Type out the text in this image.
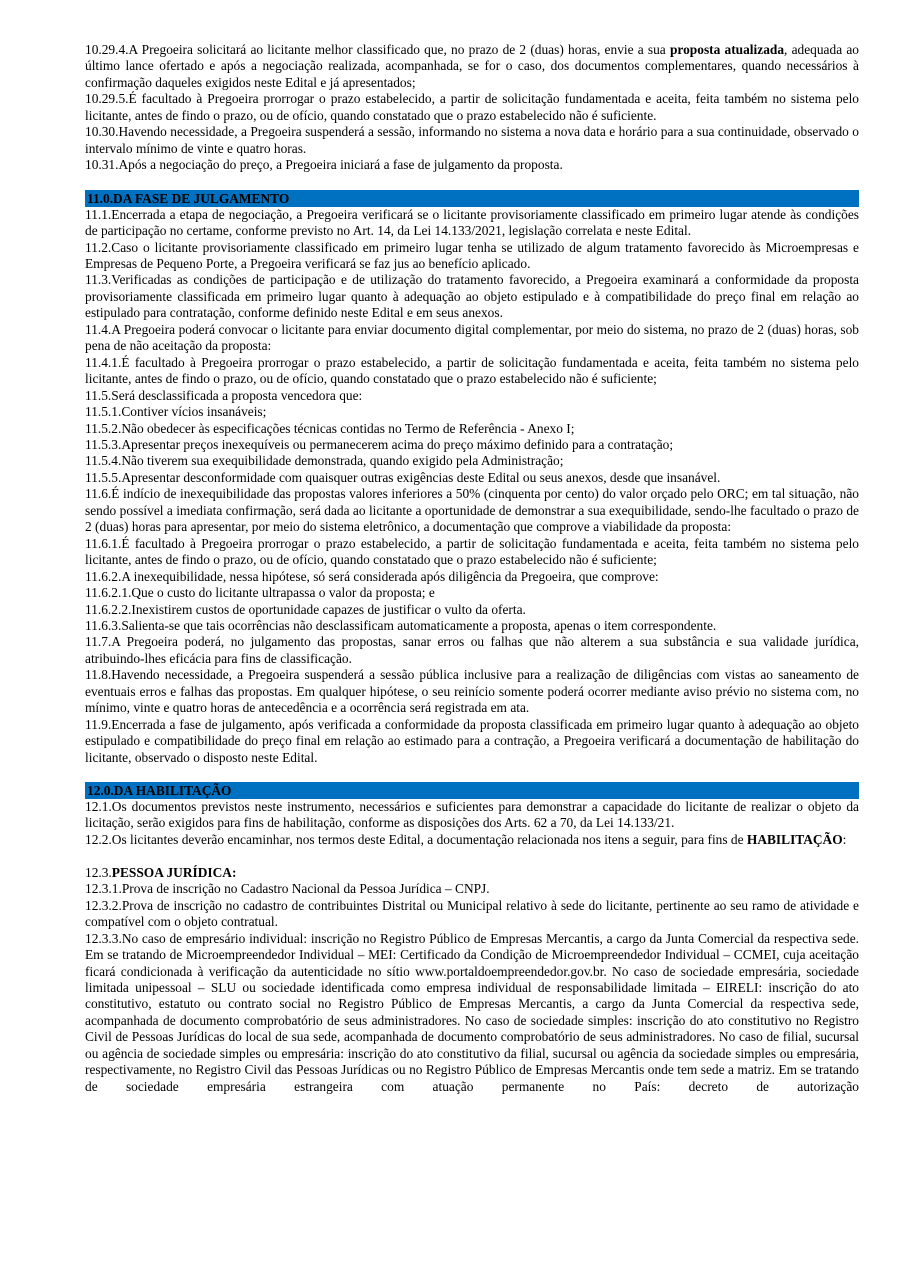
10.29.4.A Pregoeira solicitará ao licitante melhor classificado que, no prazo de 2 (duas) horas, envie a sua proposta atualizada, adequada ao último lance ofertado e após a negociação realizada, acompanhada, se for o caso, dos documentos complementares, quando necessários à confirmação daqueles exigidos neste Edital e já apresentados;
10.29.5.É facultado à Pregoeira prorrogar o prazo estabelecido, a partir de solicitação fundamentada e aceita, feita também no sistema pelo licitante, antes de findo o prazo, ou de ofício, quando constatado que o prazo estabelecido não é suficiente.
10.30.Havendo necessidade, a Pregoeira suspenderá a sessão, informando no sistema a nova data e horário para a sua continuidade, observado o intervalo mínimo de vinte e quatro horas.
10.31.Após a negociação do preço, a Pregoeira iniciará a fase de julgamento da proposta.
11.0.DA FASE DE JULGAMENTO
11.1.Encerrada a etapa de negociação, a Pregoeira verificará se o licitante provisoriamente classificado em primeiro lugar atende às condições de participação no certame, conforme previsto no Art. 14, da Lei 14.133/2021, legislação correlata e neste Edital.
11.2.Caso o licitante provisoriamente classificado em primeiro lugar tenha se utilizado de algum tratamento favorecido às Microempresas e Empresas de Pequeno Porte, a Pregoeira verificará se faz jus ao benefício aplicado.
11.3.Verificadas as condições de participação e de utilização do tratamento favorecido, a Pregoeira examinará a conformidade da proposta provisoriamente classificada em primeiro lugar quanto à adequação ao objeto estipulado e à compatibilidade do preço final em relação ao estipulado para contratação, conforme definido neste Edital e em seus anexos.
11.4.A Pregoeira poderá convocar o licitante para enviar documento digital complementar, por meio do sistema, no prazo de 2 (duas) horas, sob pena de não aceitação da proposta:
11.4.1.É facultado à Pregoeira prorrogar o prazo estabelecido, a partir de solicitação fundamentada e aceita, feita também no sistema pelo licitante, antes de findo o prazo, ou de ofício, quando constatado que o prazo estabelecido não é suficiente;
11.5.Será desclassificada a proposta vencedora que:
11.5.1.Contiver vícios insanáveis;
11.5.2.Não obedecer às especificações técnicas contidas no Termo de Referência - Anexo I;
11.5.3.Apresentar preços inexequíveis ou permanecerem acima do preço máximo definido para a contratação;
11.5.4.Não tiverem sua exequibilidade demonstrada, quando exigido pela Administração;
11.5.5.Apresentar desconformidade com quaisquer outras exigências deste Edital ou seus anexos, desde que insanável.
11.6.É indício de inexequibilidade das propostas valores inferiores a 50% (cinquenta por cento) do valor orçado pelo ORC; em tal situação, não sendo possível a imediata confirmação, será dada ao licitante a oportunidade de demonstrar a sua exequibilidade, sendo-lhe facultado o prazo de 2 (duas) horas para apresentar, por meio do sistema eletrônico, a documentação que comprove a viabilidade da proposta:
11.6.1.É facultado à Pregoeira prorrogar o prazo estabelecido, a partir de solicitação fundamentada e aceita, feita também no sistema pelo licitante, antes de findo o prazo, ou de ofício, quando constatado que o prazo estabelecido não é suficiente;
11.6.2.A inexequibilidade, nessa hipótese, só será considerada após diligência da Pregoeira, que comprove:
11.6.2.1.Que o custo do licitante ultrapassa o valor da proposta; e
11.6.2.2.Inexistirem custos de oportunidade capazes de justificar o vulto da oferta.
11.6.3.Salienta-se que tais ocorrências não desclassificam automaticamente a proposta, apenas o item correspondente.
11.7.A Pregoeira poderá, no julgamento das propostas, sanar erros ou falhas que não alterem a sua substância e sua validade jurídica, atribuindo-lhes eficácia para fins de classificação.
11.8.Havendo necessidade, a Pregoeira suspenderá a sessão pública inclusive para a realização de diligências com vistas ao saneamento de eventuais erros e falhas das propostas. Em qualquer hipótese, o seu reinício somente poderá ocorrer mediante aviso prévio no sistema com, no mínimo, vinte e quatro horas de antecedência e a ocorrência será registrada em ata.
11.9.Encerrada a fase de julgamento, após verificada a conformidade da proposta classificada em primeiro lugar quanto à adequação ao objeto estipulado e compatibilidade do preço final em relação ao estimado para a contração, a Pregoeira verificará a documentação de habilitação do licitante, observado o disposto neste Edital.
12.0.DA HABILITAÇÃO
12.1.Os documentos previstos neste instrumento, necessários e suficientes para demonstrar a capacidade do licitante de realizar o objeto da licitação, serão exigidos para fins de habilitação, conforme as disposições dos Arts. 62 a 70, da Lei 14.133/21.
12.2.Os licitantes deverão encaminhar, nos termos deste Edital, a documentação relacionada nos itens a seguir, para fins de HABILITAÇÃO:
12.3.PESSOA JURÍDICA:
12.3.1.Prova de inscrição no Cadastro Nacional da Pessoa Jurídica – CNPJ.
12.3.2.Prova de inscrição no cadastro de contribuintes Distrital ou Municipal relativo à sede do licitante, pertinente ao seu ramo de atividade e compatível com o objeto contratual.
12.3.3.No caso de empresário individual: inscrição no Registro Público de Empresas Mercantis, a cargo da Junta Comercial da respectiva sede. Em se tratando de Microempreendedor Individual – MEI: Certificado da Condição de Microempreendedor Individual – CCMEI, cuja aceitação ficará condicionada à verificação da autenticidade no sítio www.portaldoempreendedor.gov.br. No caso de sociedade empresária, sociedade limitada unipessoal – SLU ou sociedade identificada como empresa individual de responsabilidade limitada – EIRELI: inscrição do ato constitutivo, estatuto ou contrato social no Registro Público de Empresas Mercantis, a cargo da Junta Comercial da respectiva sede, acompanhada de documento comprobatório de seus administradores. No caso de sociedade simples: inscrição do ato constitutivo no Registro Civil de Pessoas Jurídicas do local de sua sede, acompanhada de documento comprobatório de seus administradores. No caso de filial, sucursal ou agência de sociedade simples ou empresária: inscrição do ato constitutivo da filial, sucursal ou agência da sociedade simples ou empresária, respectivamente, no Registro Civil das Pessoas Jurídicas ou no Registro Público de Empresas Mercantis onde tem sede a matriz. Em se tratando de sociedade empresária estrangeira com atuação permanente no País: decreto de autorização
